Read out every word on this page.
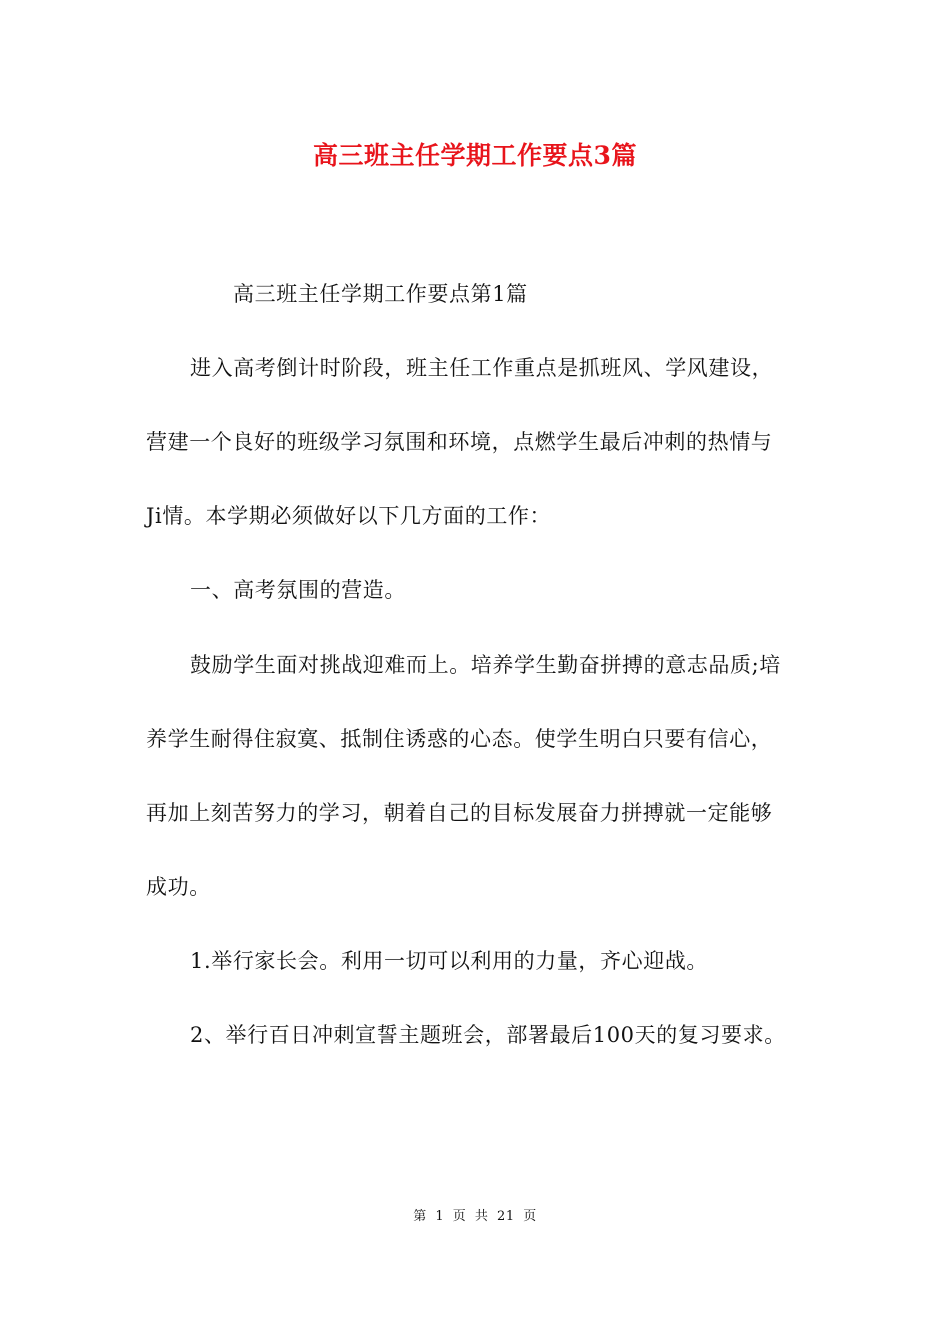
高三班主任学期工作要点3篇
高三班主任学期工作要点第1篇
进入高考倒计时阶段，班主任工作重点是抓班风、学风建设，
营建一个良好的班级学习氛围和环境，点燃学生最后冲刺的热情与
Ji情。本学期必须做好以下几方面的工作：
一、高考氛围的营造。
鼓励学生面对挑战迎难而上。培养学生勤奋拼搏的意志品质;培
养学生耐得住寂寞、抵制住诱惑的心态。使学生明白只要有信心，
再加上刻苦努力的学习，朝着自己的目标发展奋力拼搏就一定能够
成功。
1.举行家长会。利用一切可以利用的力量，齐心迎战。
2、举行百日冲刺宣誓主题班会，部署最后100天的复习要求。
第 1 页 共 21 页
